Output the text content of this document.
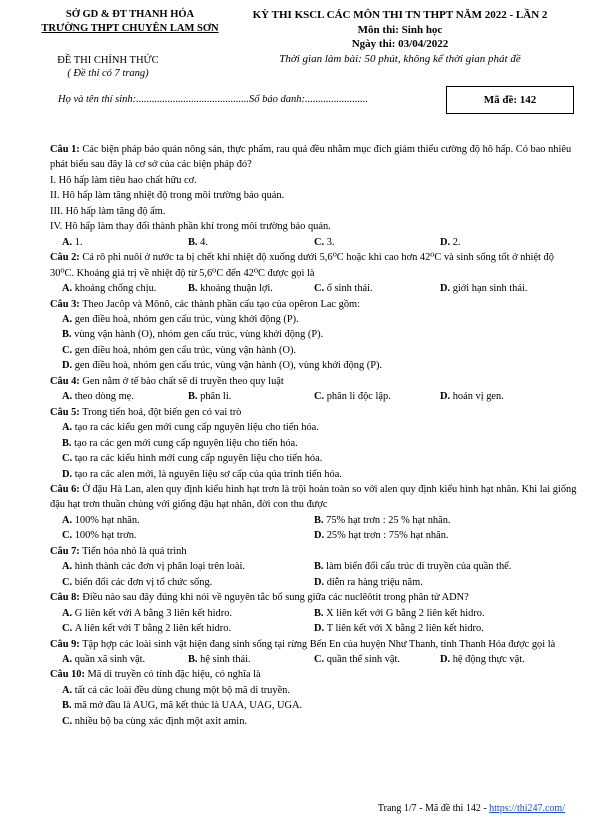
SỞ GD & ĐT THANH HÓA
TRƯỜNG THPT CHUYÊN LAM SƠN
KỲ THI KSCL CÁC MÔN THI TN THPT NĂM 2022 - LẦN 2
Môn thi: Sinh học
Ngày thi: 03/04/2022
Thời gian làm bài: 50 phút, không kể thời gian phát đề
ĐỀ THI CHÍNH THỨC
( Đề thi có 7 trang)
Họ và tên thí sinh:...........................................Số báo danh:........................	Mã đề: 142

Câu 1: Các biện pháp bảo quản nông sản, thực phẩm, rau quả đều nhằm mục đích giảm thiểu cường độ hô hấp. Có bao nhiêu phát biểu sau đây là cơ sở của các biện pháp đó?

I. Hô hấp làm tiêu hao chất hữu cơ.

II. Hô hấp làm tăng nhiệt độ trong môi trường bảo quản.

III. Hô hấp làm tăng độ ẩm.

IV. Hô hấp làm thay đổi thành phần khí trong môi trường bảo quản.

A. 1.	B. 4.	C. 3.	D. 2.

Câu 2: Cá rô phi nuôi ở nước ta bị chết khi nhiệt độ xuống dưới 5,6⁰C hoặc khi cao hơn 42⁰C và sinh sống tốt ở nhiệt độ 30⁰C. Khoảng giá trị về nhiệt độ từ 5,6⁰C đến 42⁰C được gọi là

A. khoảng chống chịu.	B. khoảng thuận lợi.	C. ổ sinh thái.	D. giới hạn sinh thái.

Câu 3: Theo Jacôp và Mônô, các thành phần cấu tạo của opêron Lac gồm:

A. gen điều hoà, nhóm gen cấu trúc, vùng khởi động (P).

B. vùng vận hành (O), nhóm gen cấu trúc, vùng khởi động (P).

C. gen điều hoà, nhóm gen cấu trúc, vùng vận hành (O).

D. gen điều hoà, nhóm gen cấu trúc, vùng vận hành (O), vùng khởi động (P).

Câu 4: Gen nằm ở tế bào chất sẽ di truyền theo quy luật

A. theo dòng mẹ.	B. phân li.	C. phân li độc lập.	D. hoán vị gen.

Câu 5: Trong tiến hoá, đột biến gen có vai trò

A. tạo ra các kiểu gen mới cung cấp nguyên liệu cho tiến hóa.

B. tạo ra các gen mới cung cấp nguyên liệu cho tiến hóa.

C. tạo ra các kiểu hình mới cung cấp nguyên liệu cho tiến hóa.

D. tạo ra các alen mới, là nguyên liệu sơ cấp của qúa trình tiến hóa.

Câu 6: Ở đậu Hà Lan, alen quy định kiểu hình hạt trơn là trội hoàn toàn so với alen quy định kiểu hình hạt nhăn. Khi lai giống đậu hạt trơn thuần chủng với giống đậu hạt nhăn, đời con thu được

A. 100% hạt nhăn.	B. 75% hạt trơn : 25 % hạt nhăn.
C. 100% hạt trơn.	D. 25% hạt trơn : 75% hạt nhăn.

Câu 7: Tiến hóa nhỏ là quá trình

A. hình thành các đơn vị phân loại trên loài.	B. làm biến đổi cấu trúc di truyền của quần thể.
C. biến đổi các đơn vị tổ chức sống.	D. diễn ra hàng triệu năm.

Câu 8: Điều nào sau đây đúng khi nói về nguyên tắc bổ sung giữa các nuclêôtit trong phân tử ADN?

A. G liên kết với A bằng 3 liên kết hidro.	B. X liên kết với G bằng 2 liên kết hidro.
C. A liên kết với T bằng 2 liên kết hidro.	D. T liên kết với X bằng 2 liên kết hidro.

Câu 9: Tập hợp các loài sinh vật hiện đang sinh sống tại rừng Bến En của huyện Như Thanh, tỉnh Thanh Hóa được gọi là

A. quần xã sinh vật.	B. hệ sinh thái.	C. quần thể sinh vật.	D. hệ động thực vật.

Câu 10: Mã di truyền có tính đặc hiệu, có nghĩa là

A. tất cả các loài đều dùng chung một bộ mã di truyền.

B. mã mở đầu là AUG, mã kết thúc là UAA, UAG, UGA.

C. nhiều bộ ba cùng xác định một axit amin.

Trang 1/7 - Mã đề thi 142 - https://thi247.com/
